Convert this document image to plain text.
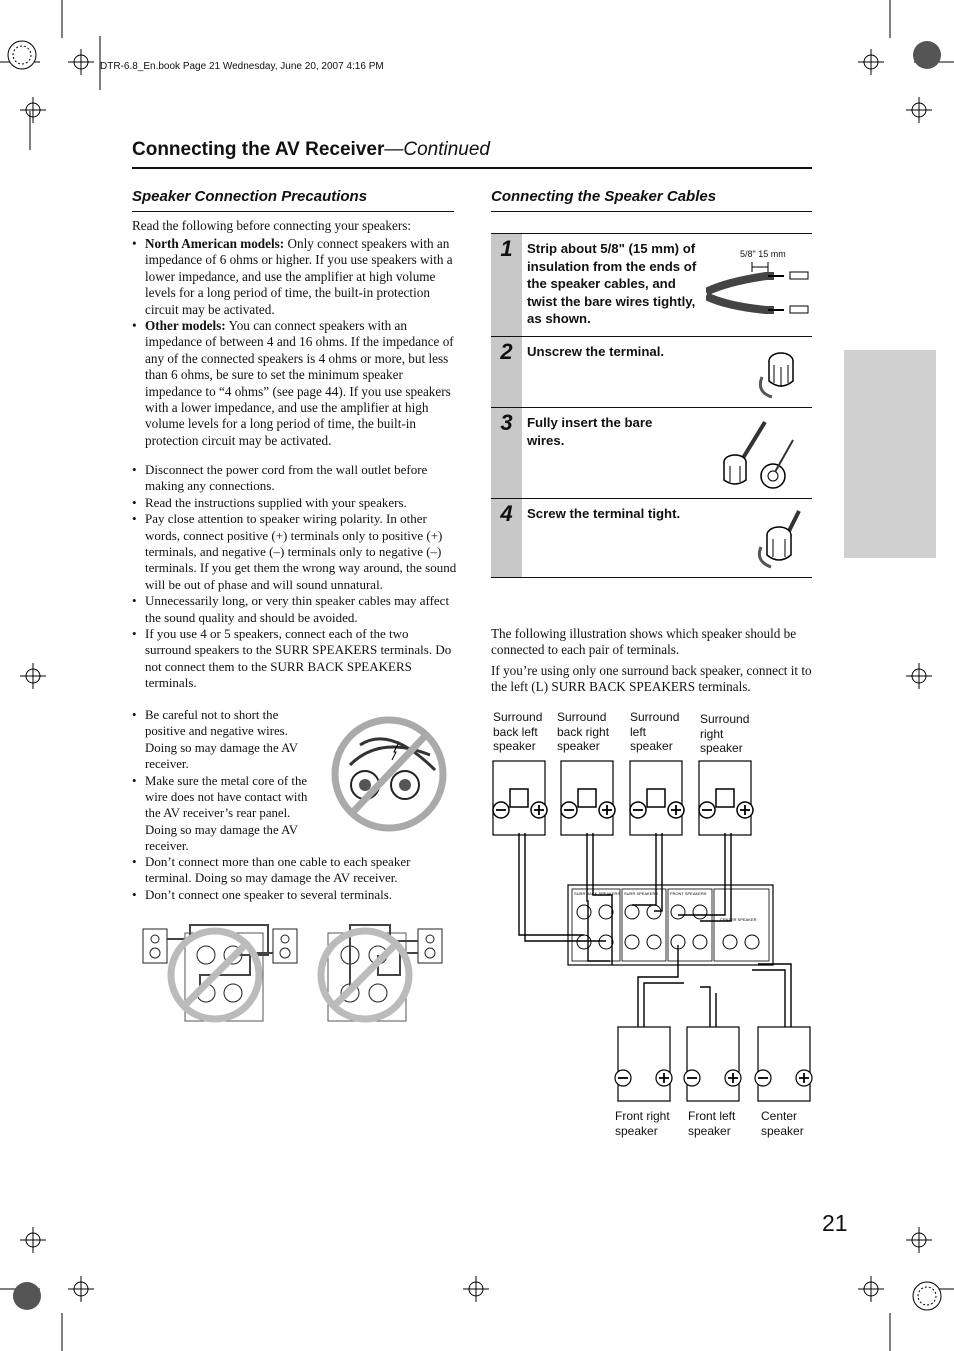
DTR-6.8_En.book Page 21 Wednesday, June 20, 2007 4:16 PM
Connecting the AV Receiver—Continued
Speaker Connection Precautions
Read the following before connecting your speakers:
• North American models: Only connect speakers with an impedance of 6 ohms or higher. If you use speakers with a lower impedance, and use the amplifier at high volume levels for a long period of time, the built-in protection circuit may be activated.
• Other models: You can connect speakers with an impedance of between 4 and 16 ohms. If the impedance of any of the connected speakers is 4 ohms or more, but less than 6 ohms, be sure to set the minimum speaker impedance to “4 ohms” (see page 44). If you use speakers with a lower impedance, and use the amplifier at high volume levels for a long period of time, the built-in protection circuit may be activated.
• Disconnect the power cord from the wall outlet before making any connections.
• Read the instructions supplied with your speakers.
• Pay close attention to speaker wiring polarity. In other words, connect positive (+) terminals only to positive (+) terminals, and negative (–) terminals only to negative (–) terminals. If you get them the wrong way around, the sound will be out of phase and will sound unnatural.
• Unnecessarily long, or very thin speaker cables may affect the sound quality and should be avoided.
• If you use 4 or 5 speakers, connect each of the two surround speakers to the SURR SPEAKERS terminals. Do not connect them to the SURR BACK SPEAKERS terminals.
• Be careful not to short the positive and negative wires. Doing so may damage the AV receiver.
• Make sure the metal core of the wire does not have contact with the AV receiver’s rear panel. Doing so may damage the AV receiver.
• Don’t connect more than one cable to each speaker terminal. Doing so may damage the AV receiver.
• Don’t connect one speaker to several terminals.
Connecting the Speaker Cables
1	Strip about 5/8" (15 mm) of insulation from the ends of the speaker cables, and twist the bare wires tightly, as shown.
5/8" 15 mm
2	Unscrew the terminal.
3	Fully insert the bare wires.
4	Screw the terminal tight.
The following illustration shows which speaker should be connected to each pair of terminals.
If you’re using only one surround back speaker, connect it to the left (L) SURR BACK SPEAKERS terminals.
Surround back left speaker
Surround back right speaker
Surround left speaker
Surround right speaker
SURR BACK SPEAKERS SURR SPEAKERS	FRONT SPEAKERS
CENTER SPEAKER
Front right speaker
Front left speaker
Center speaker
21
